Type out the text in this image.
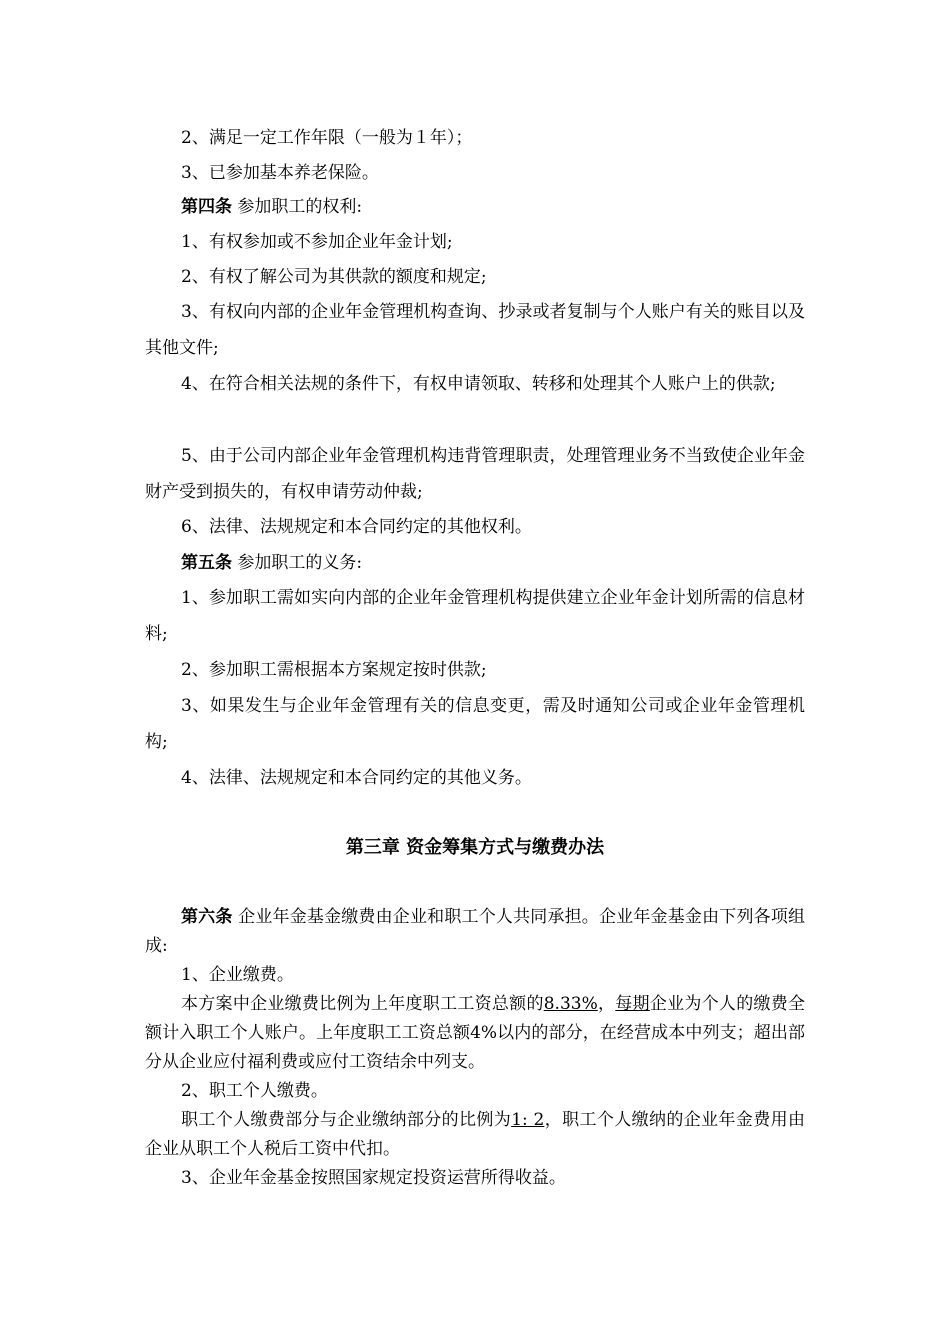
2、满足一定工作年限（一般为１年）；
3、已参加基本养老保险。
第四条 参加职工的权利:
1、有权参加或不参加企业年金计划;
2、有权了解公司为其供款的额度和规定;
3、有权向内部的企业年金管理机构查询、抄录或者复制与个人账户有关的账目以及其他文件;
4、在符合相关法规的条件下，有权申请领取、转移和处理其个人账户上的供款;
5、由于公司内部企业年金管理机构违背管理职责，处理管理业务不当致使企业年金财产受到损失的，有权申请劳动仲裁;
6、法律、法规规定和本合同约定的其他权利。
第五条 参加职工的义务:
1、参加职工需如实向内部的企业年金管理机构提供建立企业年金计划所需的信息材料;
2、参加职工需根据本方案规定按时供款;
3、如果发生与企业年金管理有关的信息变更，需及时通知公司或企业年金管理机构;
4、法律、法规规定和本合同约定的其他义务。
第三章 资金筹集方式与缴费办法
第六条 企业年金基金缴费由企业和职工个人共同承担。企业年金基金由下列各项组成:
1、企业缴费。
本方案中企业缴费比例为上年度职工工资总额的8.33%，每期企业为个人的缴费全额计入职工个人账户。上年度职工工资总额4%以内的部分，在经营成本中列支；超出部分从企业应付福利费或应付工资结余中列支。
2、职工个人缴费。
职工个人缴费部分与企业缴纳部分的比例为1: 2，职工个人缴纳的企业年金费用由企业从职工个人税后工资中代扣。
3、企业年金基金按照国家规定投资运营所得收益。
